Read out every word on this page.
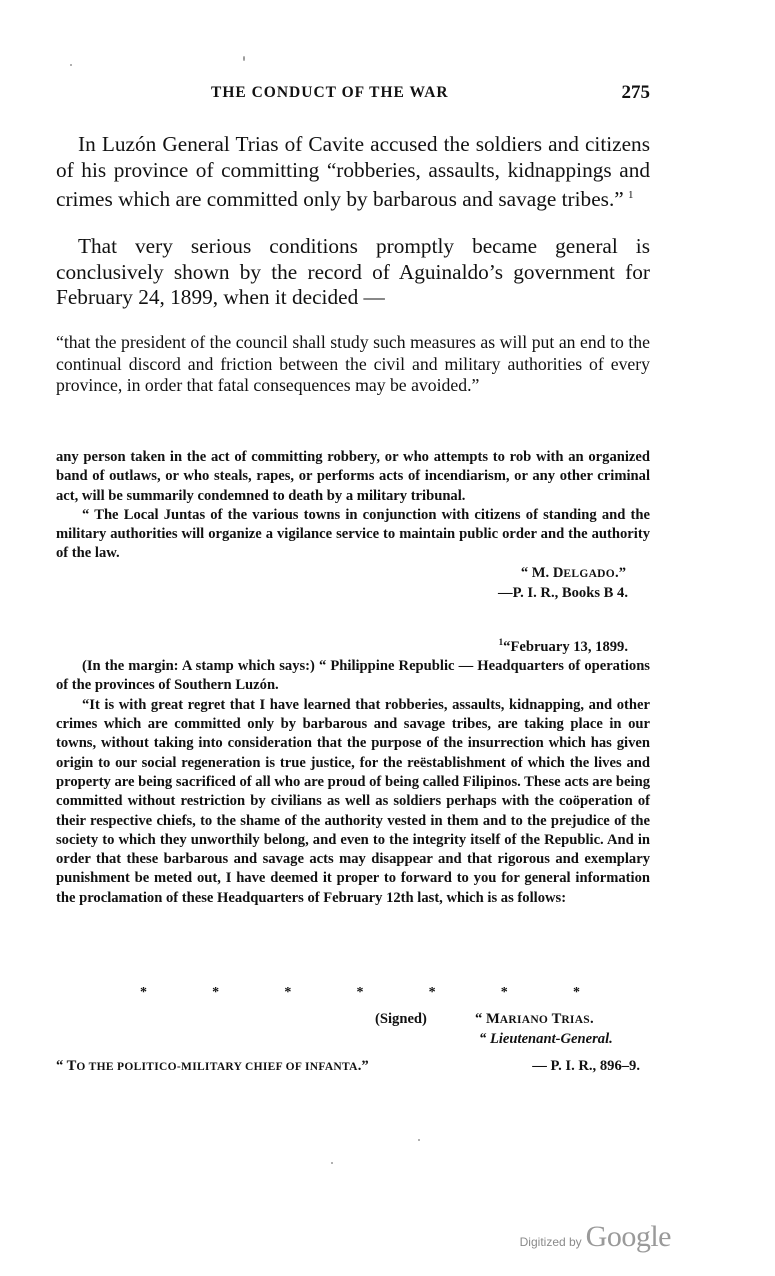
THE CONDUCT OF THE WAR	275

In Luzón General Trias of Cavite accused the soldiers and citizens of his province of committing “robberies, assaults, kidnappings and crimes which are committed only by barbarous and savage tribes.”  $^1$

That very serious conditions promptly became general is conclusively shown by the record of Aguinaldo’s government for February 24, 1899, when it decided —

“that the president of the council shall study such measures as will put an end to the continual discord and friction between the civil and military authorities of every province, in order that fatal consequences may be avoided.”

any person taken in the act of committing robbery, or who attempts to rob with an organized band of outlaws, or who steals, rapes, or performs acts of incendiarism, or any other criminal act, will be summarily condemned to death by a military tribunal.

“ The Local Juntas of the various towns in conjunction with citizens of standing and the military authorities will organize a vigilance service to maintain public order and the authority of the law.

“ M. DELGADO.”

—P. I. R., Books B 4.

$^1$“February 13, 1899.

(In the margin: A stamp which says:) “ Philippine Republic — Headquarters of operations of the provinces of Southern Luzón.

“It is with great regret that I have learned that robberies, assaults, kidnapping, and other crimes which are committed only by barbarous and savage tribes, are taking place in our towns, without taking into consideration that the purpose of the insurrection which has given origin to our social regeneration is true justice, for the reëstablishment of which the lives and property are being sacrificed of all who are proud of being called Filipinos. These acts are being committed without restriction by civilians as well as soldiers perhaps with the coöperation of their respective chiefs, to the shame of the authority vested in them and to the prejudice of the society to which they unworthily belong, and even to the integrity itself of the Republic. And in order that these barbarous and savage acts may disappear and that rigorous and exemplary punishment be meted out, I have deemed it proper to forward to you for general information the proclamation of these Headquarters of February 12th last, which is as follows:

*	*	*	*	*	*	*
(Signed)	“ MARIANO TRIAS.
“ Lieutenant-General.
“ TO THE POLITICO-MILITARY CHIEF OF INFANTA.”	— P. I. R., 896–9.
Digitized by Google
